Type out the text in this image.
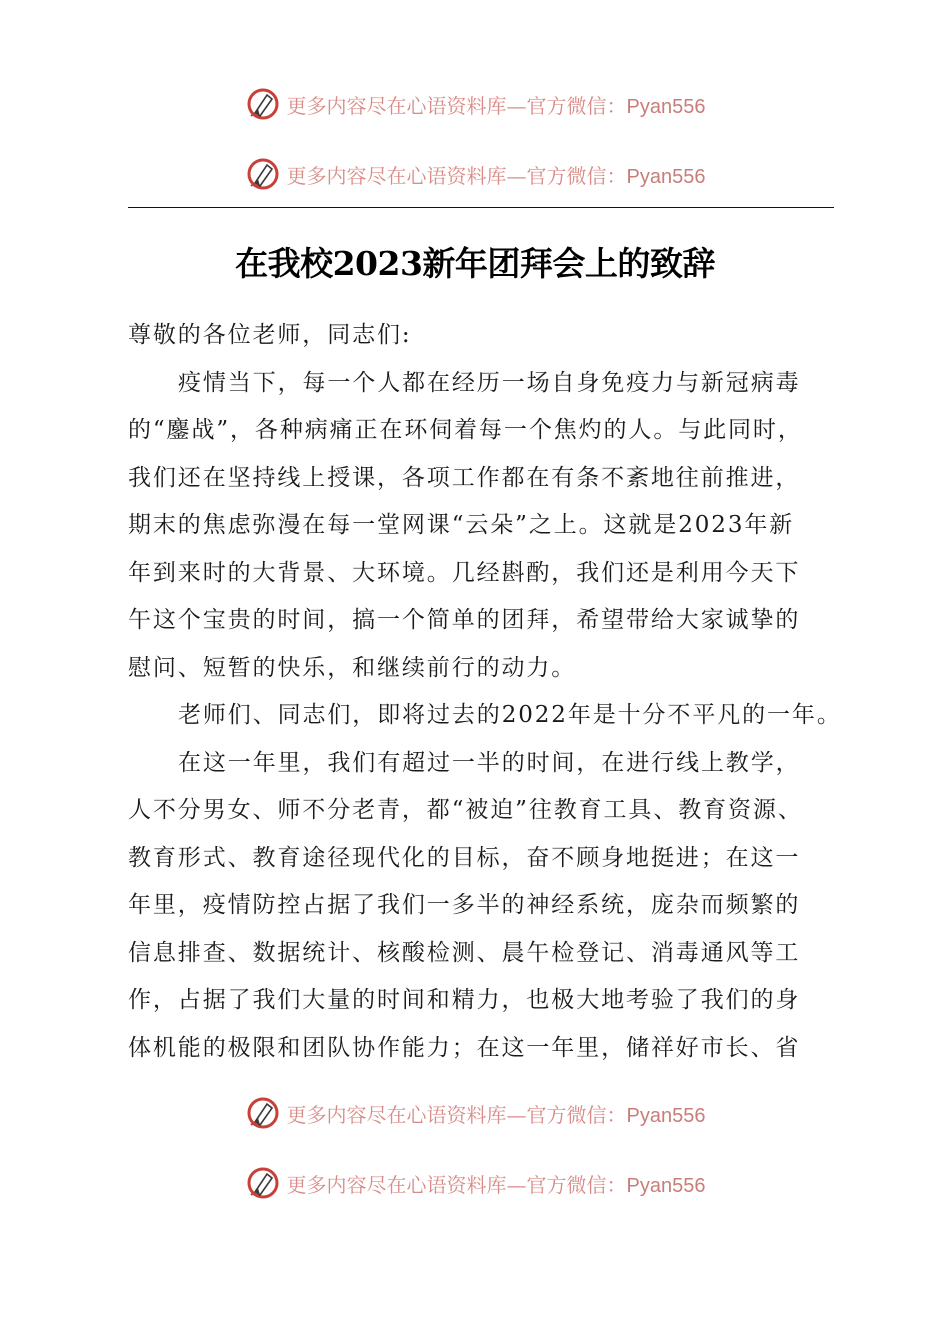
更多内容尽在心语资料库—官方微信：Pyan556
更多内容尽在心语资料库—官方微信：Pyan556
在我校2023新年团拜会上的致辞
尊敬的各位老师，同志们:
疫情当下，每一个人都在经历一场自身免疫力与新冠病毒
的“鏖战”，各种病痛正在环伺着每一个焦灼的人。与此同时，
我们还在坚持线上授课，各项工作都在有条不紊地往前推进，
期末的焦虑弥漫在每一堂网课“云朵”之上。这就是2023年新
年到来时的大背景、大环境。几经斟酌，我们还是利用今天下
午这个宝贵的时间，搞一个简单的团拜，希望带给大家诚挚的
慰问、短暂的快乐，和继续前行的动力。
老师们、同志们，即将过去的2022年是十分不平凡的一年。
在这一年里，我们有超过一半的时间，在进行线上教学，
人不分男女、师不分老青，都“被迫”往教育工具、教育资源、
教育形式、教育途径现代化的目标，奋不顾身地挺进；在这一
年里，疫情防控占据了我们一多半的神经系统，庞杂而频繁的
信息排查、数据统计、核酸检测、晨午检登记、消毒通风等工
作，占据了我们大量的时间和精力，也极大地考验了我们的身
体机能的极限和团队协作能力；在这一年里，储祥好市长、省
更多内容尽在心语资料库—官方微信：Pyan556
更多内容尽在心语资料库—官方微信：Pyan556
